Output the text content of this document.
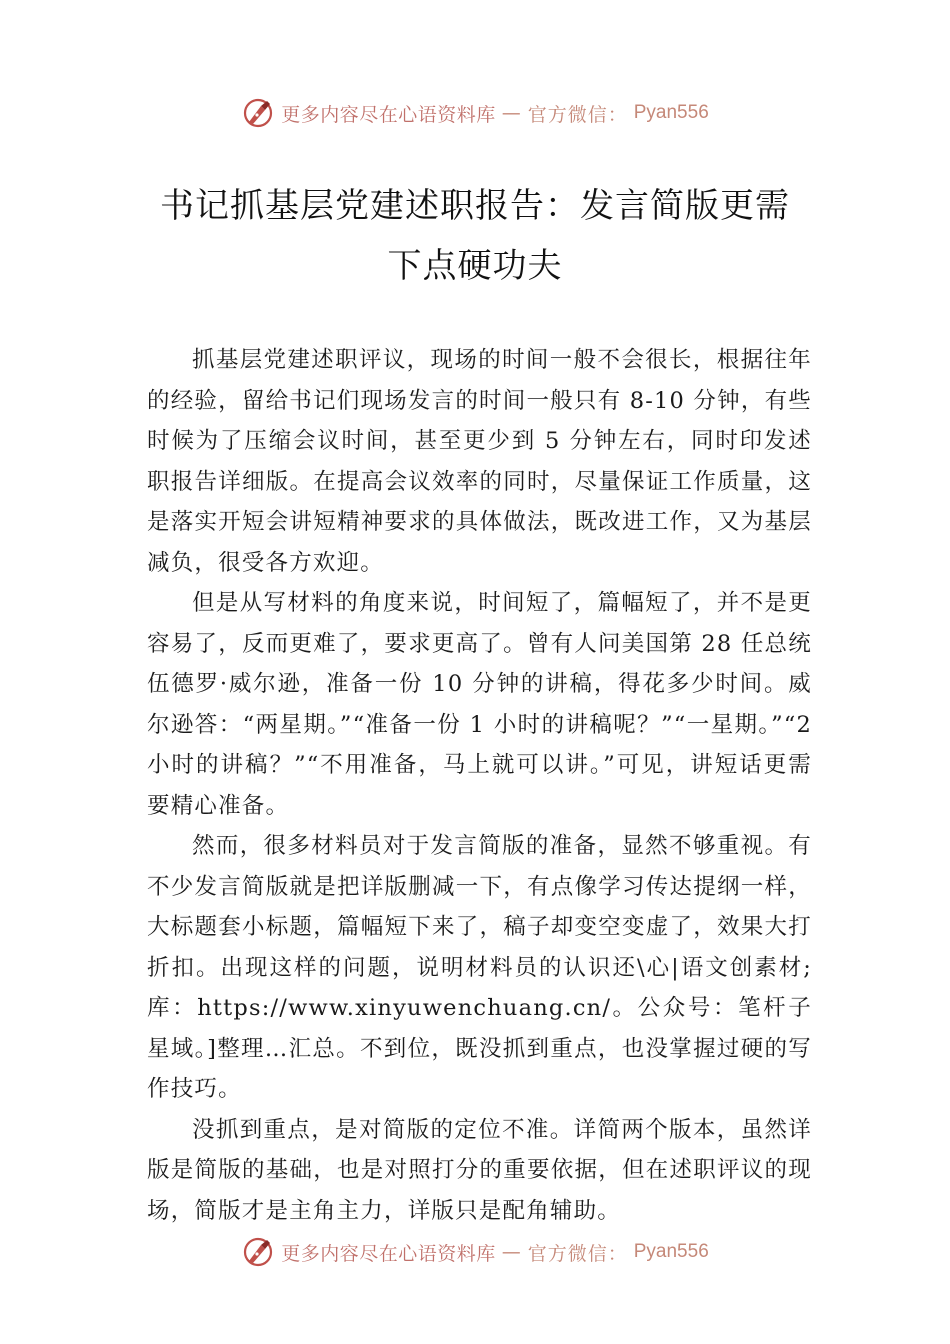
更多内容尽在心语资料库 — 官方微信： Pyan556
书记抓基层党建述职报告：发言简版更需
下点硬功夫

抓基层党建述职评议，现场的时间一般不会很长，根据往年的经验，留给书记们现场发言的时间一般只有 8-10 分钟，有些时候为了压缩会议时间，甚至更少到 5 分钟左右，同时印发述职报告详细版。在提高会议效率的同时，尽量保证工作质量，这是落实开短会讲短精神要求的具体做法，既改进工作，又为基层减负，很受各方欢迎。

但是从写材料的角度来说，时间短了，篇幅短了，并不是更容易了，反而更难了，要求更高了。曾有人问美国第 28 任总统伍德罗·威尔逊，准备一份 10 分钟的讲稿，得花多少时间。威尔逊答：“两星期。”“准备一份 1 小时的讲稿呢？”“一星期。”“2 小时的讲稿？”“不用准备，马上就可以讲。”可见，讲短话更需要精心准备。

然而，很多材料员对于发言简版的准备，显然不够重视。有不少发言简版就是把详版删减一下，有点像学习传达提纲一样，大标题套小标题，篇幅短下来了，稿子却变空变虚了，效果大打折扣。出现这样的问题，说明材料员的认识还\心|语文创素材;库：https://www.xinyuwenchuang.cn/。公众号：笔杆子星域。]整理…汇总。不到位，既没抓到重点，也没掌握过硬的写作技巧。

没抓到重点，是对简版的定位不准。详简两个版本，虽然详版是简版的基础，也是对照打分的重要依据，但在述职评议的现场，简版才是主角主力，详版只是配角辅助。

更多内容尽在心语资料库 — 官方微信： Pyan556
